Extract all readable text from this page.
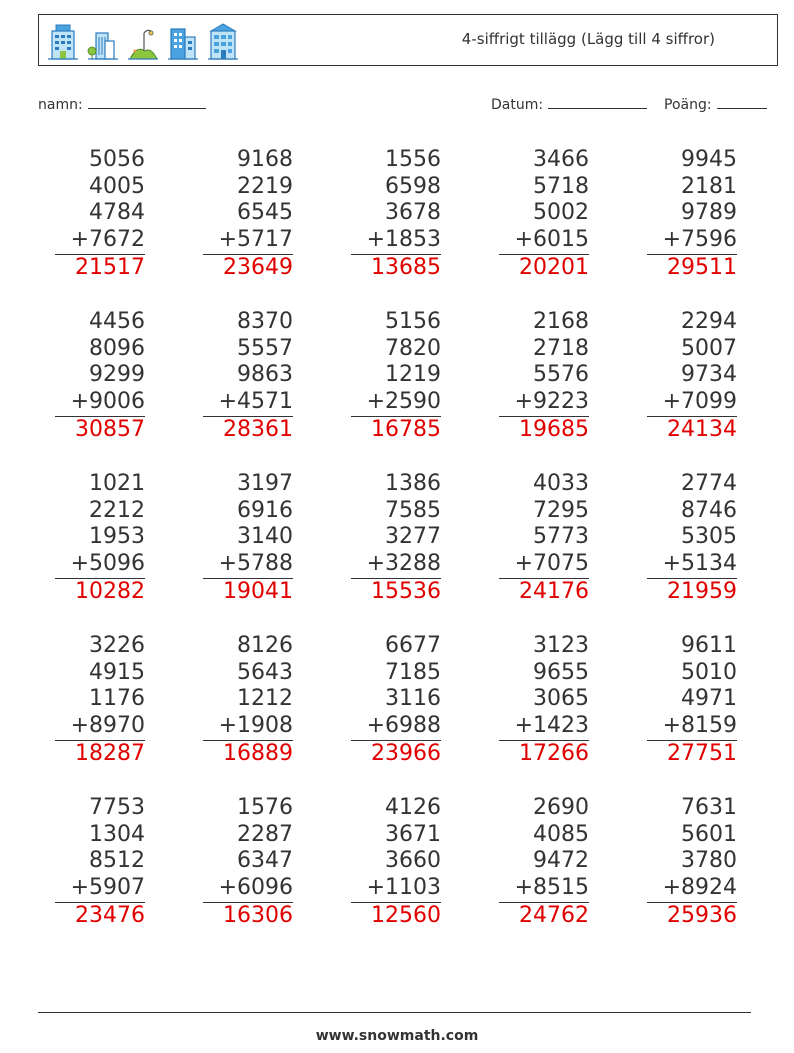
4-siffrigt tillägg (Lägg till 4 siffror)
namn:	Datum:	Poäng:
5056
4005
4784
+7672
21517
9168
2219
6545
+5717
23649
1556
6598
3678
+1853
13685
3466
5718
5002
+6015
20201
9945
2181
9789
+7596
29511
4456
8096
9299
+9006
30857
8370
5557
9863
+4571
28361
5156
7820
1219
+2590
16785
2168
2718
5576
+9223
19685
2294
5007
9734
+7099
24134
1021
2212
1953
+5096
10282
3197
6916
3140
+5788
19041
1386
7585
3277
+3288
15536
4033
7295
5773
+7075
24176
2774
8746
5305
+5134
21959
3226
4915
1176
+8970
18287
8126
5643
1212
+1908
16889
6677
7185
3116
+6988
23966
3123
9655
3065
+1423
17266
9611
5010
4971
+8159
27751
7753
1304
8512
+5907
23476
1576
2287
6347
+6096
16306
4126
3671
3660
+1103
12560
2690
4085
9472
+8515
24762
7631
5601
3780
+8924
25936
www.snowmath.com
